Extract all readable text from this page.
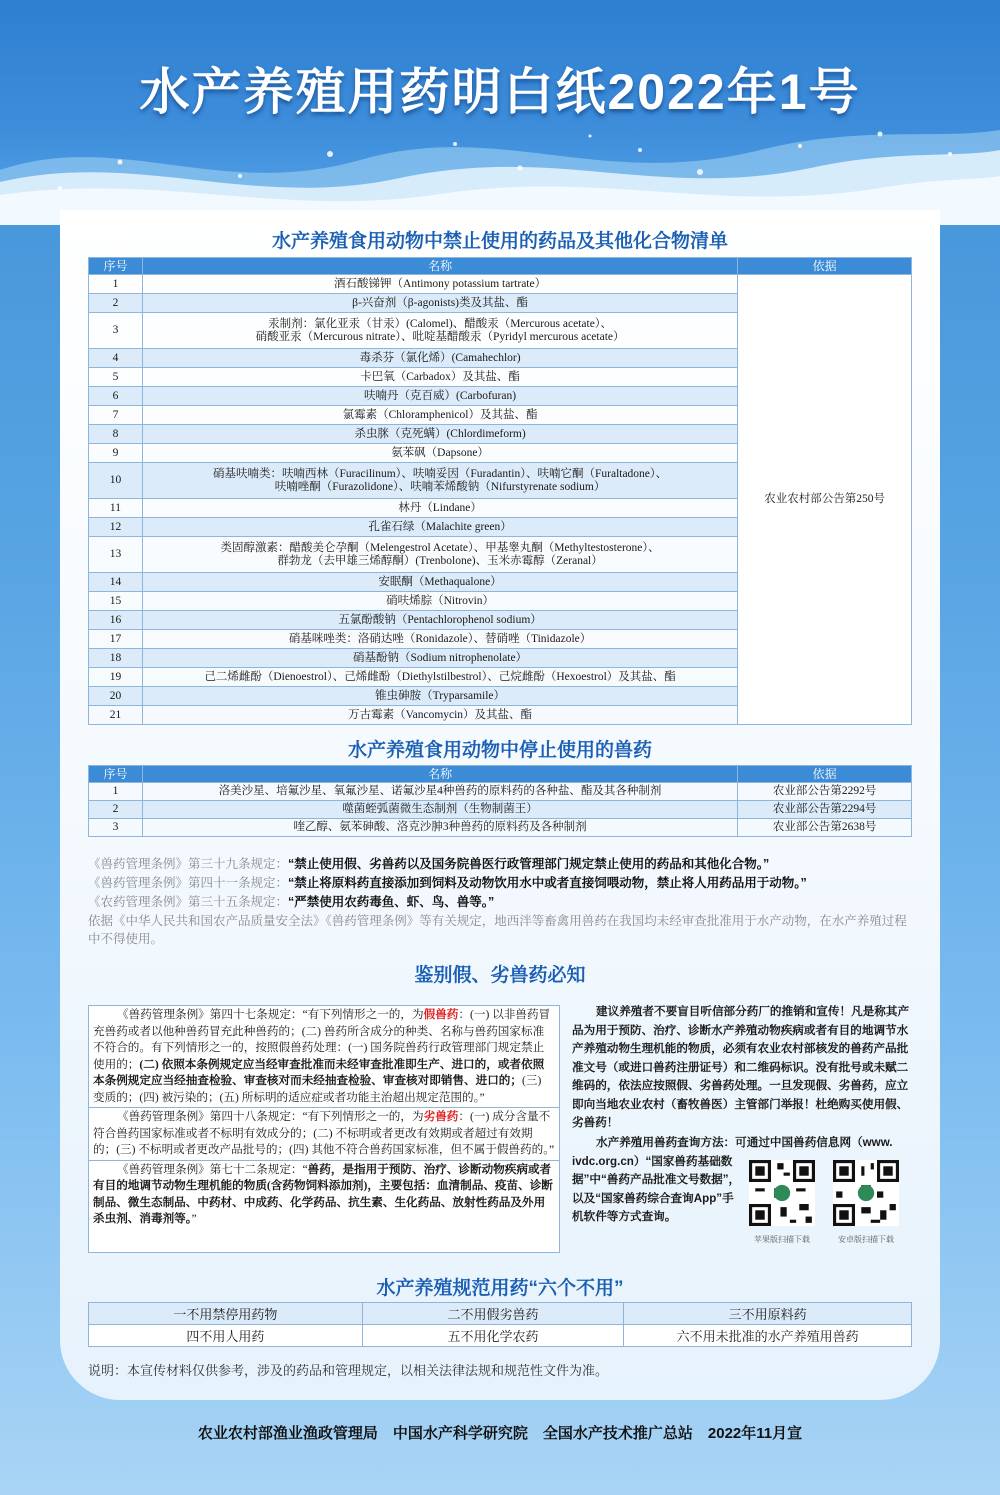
水产养殖用药明白纸2022年1号
水产养殖食用动物中禁止使用的药品及其他化合物清单
序号	名称	依据
1	酒石酸锑钾（Antimony potassium tartrate）	农业农村部公告第250号
2	β-兴奋剂（β-agonists)类及其盐、酯	

3	汞制剂：氯化亚汞（甘汞）(Calomel)、醋酸汞（Mercurous acetate）、
硝酸亚汞（Mercurous nitrate）、吡啶基醋酸汞（Pyridyl mercurous acetate）	

4	毒杀芬（氯化烯）(Camahechlor)	

5	卡巴氧（Carbadox）及其盐、酯	

6	呋喃丹（克百威）(Carbofuran)	

7	氯霉素（Chloramphenicol）及其盐、酯	

8	杀虫脒（克死螨）(Chlordimeform)	

9	氨苯砜（Dapsone）	

10	硝基呋喃类：呋喃西林（Furacilinum）、呋喃妥因（Furadantin）、呋喃它酮（Furaltadone）、
呋喃唑酮（Furazolidone）、呋喃苯烯酸钠（Nifurstyrenate sodium）	

11	林丹（Lindane）	

12	孔雀石绿（Malachite green）	

13	类固醇激素：醋酸美仑孕酮（Melengestrol Acetate）、甲基睾丸酮（Methyltestosterone）、
群勃龙（去甲雄三烯醇酮）(Trenbolone)、玉米赤霉醇（Zeranal）	

14	安眠酮（Methaqualone）	

15	硝呋烯腙（Nitrovin）	

16	五氯酚酸钠（Pentachlorophenol sodium）	

17	硝基咪唑类：洛硝达唑（Ronidazole）、替硝唑（Tinidazole）	

18	硝基酚钠（Sodium nitrophenolate）	

19	己二烯雌酚（Dienoestrol）、己烯雌酚（Diethylstilbestrol）、己烷雌酚（Hexoestrol）及其盐、酯	

20	锥虫砷胺（Tryparsamile）	

21	万古霉素（Vancomycin）及其盐、酯	
水产养殖食用动物中停止使用的兽药
序号	名称	依据
1	洛美沙星、培氟沙星、氧氟沙星、诺氟沙星4种兽药的原料药的各种盐、酯及其各种制剂	农业部公告第2292号
2	噬菌蛭弧菌微生态制剂（生物制菌王）	农业部公告第2294号
3	喹乙醇、氨苯砷酸、洛克沙胂3种兽药的原料药及各种制剂	农业部公告第2638号
《兽药管理条例》第三十九条规定：“禁止使用假、劣兽药以及国务院兽医行政管理部门规定禁止使用的药品和其他化合物。”
《兽药管理条例》第四十一条规定：“禁止将原料药直接添加到饲料及动物饮用水中或者直接饲喂动物，禁止将人用药品用于动物。”
《农药管理条例》第三十五条规定：“严禁使用农药毒鱼、虾、鸟、兽等。”
依据《中华人民共和国农产品质量安全法》《兽药管理条例》等有关规定，地西泮等畜禽用兽药在我国均未经审查批准用于水产动物，在水产养殖过程中不得使用。
鉴别假、劣兽药必知

《兽药管理条例》第四十七条规定：“有下列情形之一的，为假兽药：(一) 以非兽药冒充兽药或者以他种兽药冒充此种兽药的；(二) 兽药所含成分的种类、名称与兽药国家标准不符合的。有下列情形之一的，按照假兽药处理：(一) 国务院兽药行政管理部门规定禁止使用的；(二) 依照本条例规定应当经审查批准而未经审查批准即生产、进口的，或者依照本条例规定应当经抽查检验、审查核对而未经抽查检验、审查核对即销售、进口的；(三) 变质的；(四) 被污染的；(五) 所标明的适应症或者功能主治超出规定范围的。”

《兽药管理条例》第四十八条规定：“有下列情形之一的，为劣兽药：(一) 成分含量不符合兽药国家标准或者不标明有效成分的；(二) 不标明或者更改有效期或者超过有效期的；(三) 不标明或者更改产品批号的；(四) 其他不符合兽药国家标准，但不属于假兽药的。”

《兽药管理条例》第七十二条规定：“兽药，是指用于预防、治疗、诊断动物疾病或者有目的地调节动物生理机能的物质(含药物饲料添加剂)，主要包括：血清制品、疫苗、诊断制品、微生态制品、中药材、中成药、化学药品、抗生素、生化药品、放射性药品及外用杀虫剂、消毒剂等。”

建议养殖者不要盲目听信部分药厂的推销和宣传！凡是称其产品为用于预防、治疗、诊断水产养殖动物疾病或者有目的地调节水产养殖动物生理机能的物质，必须有农业农村部核发的兽药产品批准文号（或进口兽药注册证号）和二维码标识。没有批号或未赋二维码的，依法应按照假、劣兽药处理。一旦发现假、劣兽药，应立即向当地农业农村（畜牧兽医）主管部门举报！杜绝购买使用假、劣兽药！
水产养殖用兽药查询方法：可通过中国兽药信息网（www.
ivdc.org.cn）“国家兽药基础数据”中“兽药产品批准文号数据”，以及“国家兽药综合查询App”手机软件等方式查询。
苹果版扫描下载	安卓版扫描下载
水产养殖规范用药“六个不用”
一不用禁停用药物	二不用假劣兽药	三不用原料药
四不用人用药	五不用化学农药	六不用未批准的水产养殖用兽药
说明：本宣传材料仅供参考，涉及的药品和管理规定，以相关法律法规和规范性文件为准。
农业农村部渔业渔政管理局　中国水产科学研究院　全国水产技术推广总站　2022年11月宣
